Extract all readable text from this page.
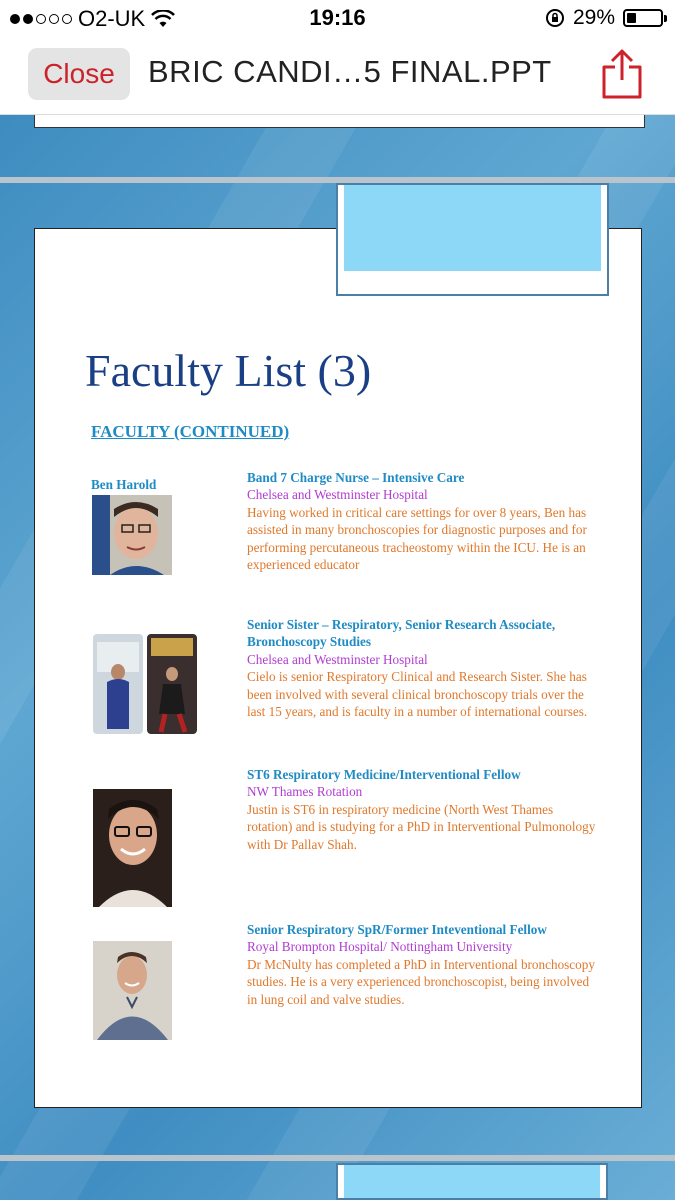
O2-UK	19:16	29%
Close	BRIC CANDI…5 FINAL.PPT
Faculty List (3)
FACULTY (CONTINUED)
Ben Harold	Band 7 Charge Nurse – Intensive Care
Chelsea and Westminster Hospital
Having worked in critical care settings for over 8 years, Ben has assisted in many bronchoscopies for diagnostic purposes and for performing percutaneous tracheostomy within the ICU. He is an experienced educator
Senior Sister – Respiratory, Senior Research Associate, Bronchoscopy Studies
Chelsea and Westminster Hospital
Cielo is senior Respiratory Clinical and Research Sister. She has been involved with several clinical bronchoscopy trials over the last 15 years, and is faculty in a number of international courses.
ST6 Respiratory Medicine/Interventional Fellow
NW Thames Rotation
Justin is ST6 in respiratory medicine (North West Thames rotation) and is studying for a PhD in Interventional Pulmonology with Dr Pallav Shah.
Senior Respiratory SpR/Former Inteventional Fellow
Royal Brompton Hospital/ Nottingham University
Dr McNulty has completed a PhD in Interventional bronchoscopy studies. He is a very experienced bronchoscopist, being involved in lung coil and valve studies.
